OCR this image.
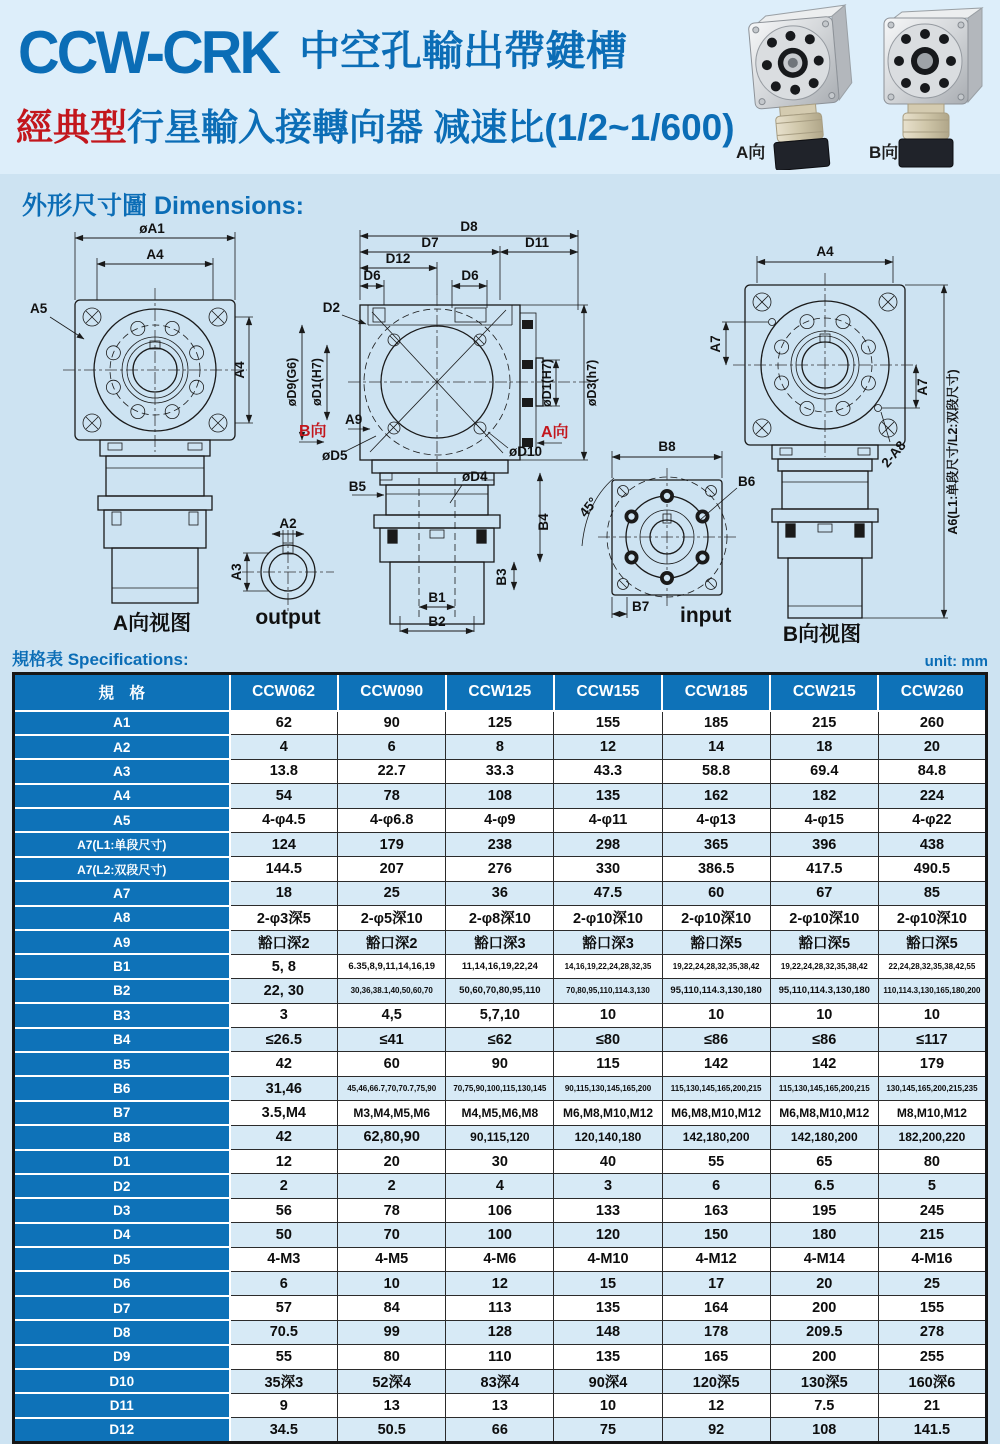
CCW-CRK 中空孔輸出帶鍵槽
經典型行星輸入接轉向器 减速比(1/2~1/600)
A向	B向
外形尺寸圖 Dimensions:
øA1
A4
A5
A4
A向视图
A2
A3
output
D8
D7	D11
D12
D6	D6
D2
øD1(H7) øD3(h7)
øD9(G6) øD1(H7)
A9
B向	A向
øD5	øD10
B5
øD4
B4
B3
B1
B2
B8
45°
B6
B7 input
A4
A7
A7
2-A8	A6(L1:单段尺寸/L2:双段尺寸)
B向视图
規格表 Specifications:	unit: mm
規　格	CCW062	CCW090	CCW125	CCW155	CCW185	CCW215	CCW260
A1	62	90	125	155	185	215	260
A2	4	6	8	12	14	18	20
A3	13.8	22.7	33.3	43.3	58.8	69.4	84.8
A4	54	78	108	135	162	182	224
A5	4-φ4.5	4-φ6.8	4-φ9	4-φ11	4-φ13	4-φ15	4-φ22
A7(L1:单段尺寸)	124	179	238	298	365	396	438
A7(L2:双段尺寸)	144.5	207	276	330	386.5	417.5	490.5
A7	18	25	36	47.5	60	67	85
A8	2-φ3深5	2-φ5深10	2-φ8深10	2-φ10深10	2-φ10深10	2-φ10深10	2-φ10深10
A9	豁口深2	豁口深2	豁口深3	豁口深3	豁口深5	豁口深5	豁口深5
B1	5, 8	6.35,8,9,11,14,16,19	11,14,16,19,22,24	14,16,19,22,24,28,32,35	19,22,24,28,32,35,38,42	19,22,24,28,32,35,38,42	22,24,28,32,35,38,42,55
B2	22, 30	30,36,38.1,40,50,60,70	50,60,70,80,95,110	70,80,95,110,114.3,130	95,110,114.3,130,180	95,110,114.3,130,180	110,114.3,130,165,180,200
B3	3	4,5	5,7,10	10	10	10	10
B4	≤26.5	≤41	≤62	≤80	≤86	≤86	≤117
B5	42	60	90	115	142	142	179
B6	31,46	45,46,66.7,70,70.7,75,90	70,75,90,100,115,130,145	90,115,130,145,165,200	115,130,145,165,200,215	115,130,145,165,200,215	130,145,165,200,215,235
B7	3.5,M4	M3,M4,M5,M6	M4,M5,M6,M8	M6,M8,M10,M12	M6,M8,M10,M12	M6,M8,M10,M12	M8,M10,M12
B8	42	62,80,90	90,115,120	120,140,180	142,180,200	142,180,200	182,200,220
D1	12	20	30	40	55	65	80
D2	2	2	4	3	6	6.5	5
D3	56	78	106	133	163	195	245
D4	50	70	100	120	150	180	215
D5	4-M3	4-M5	4-M6	4-M10	4-M12	4-M14	4-M16
D6	6	10	12	15	17	20	25
D7	57	84	113	135	164	200	155
D8	70.5	99	128	148	178	209.5	278
D9	55	80	110	135	165	200	255
D10	35深3	52深4	83深4	90深4	120深5	130深5	160深6
D11	9	13	13	10	12	7.5	21
D12	34.5	50.5	66	75	92	108	141.5
